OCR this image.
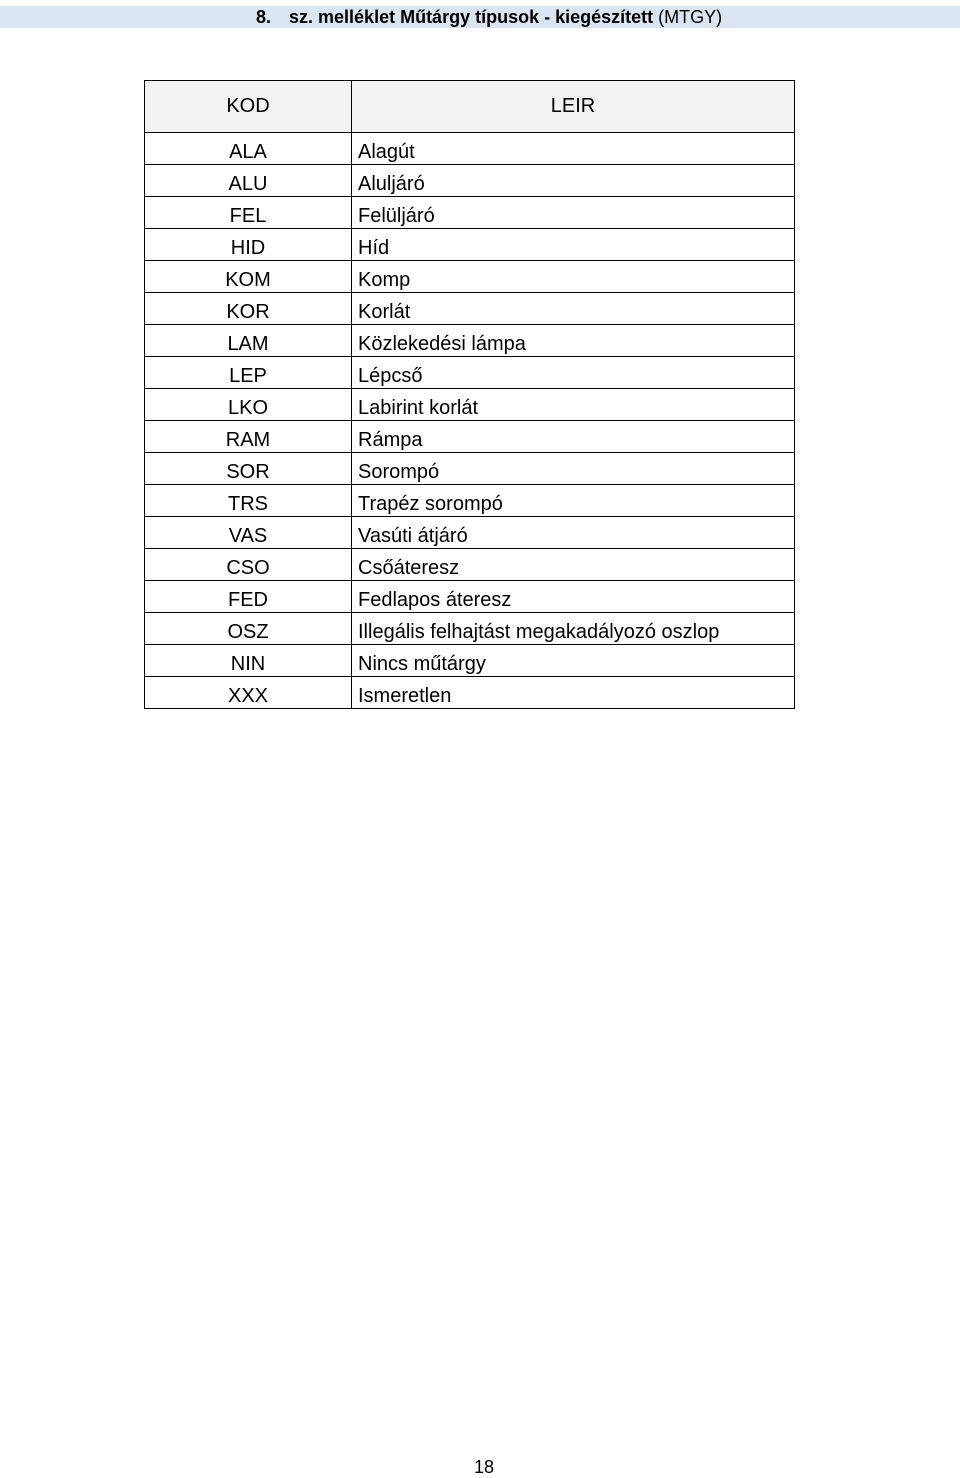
8. sz. melléklet Műtárgy típusok - kiegészített (MTGY)
KOD	LEIR
ALA	Alagút
ALU	Aluljáró
FEL	Felüljáró
HID	Híd
KOM	Komp
KOR	Korlát
LAM	Közlekedési lámpa
LEP	Lépcső
LKO	Labirint korlát
RAM	Rámpa
SOR	Sorompó
TRS	Trapéz sorompó
VAS	Vasúti átjáró
CSO	Csőáteresz
FED	Fedlapos áteresz
OSZ	Illegális felhajtást megakadályozó oszlop
NIN	Nincs műtárgy
XXX	Ismeretlen
18
